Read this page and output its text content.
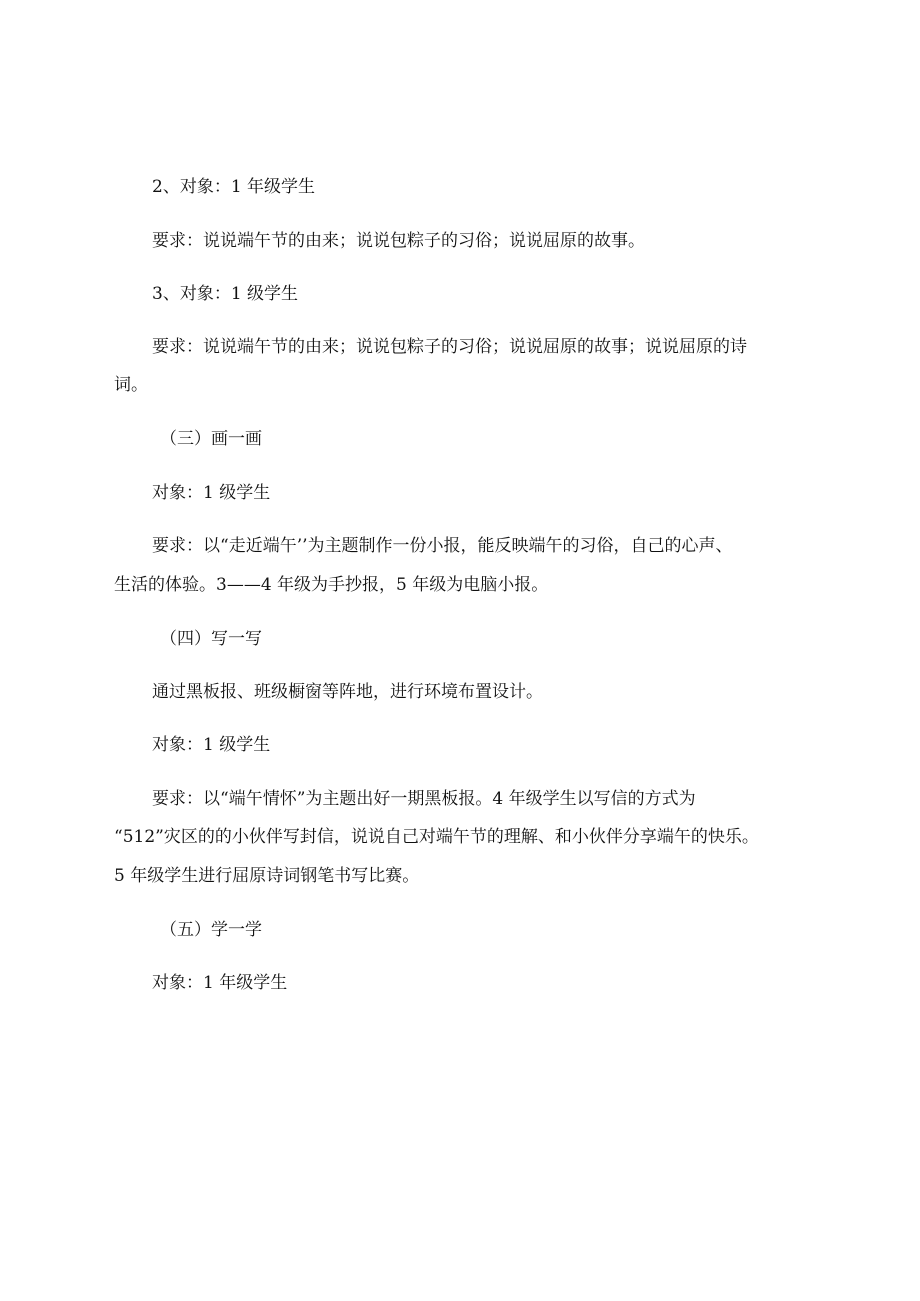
2、对象：1 年级学生
要求：说说端午节的由来；说说包粽子的习俗；说说屈原的故事。
3、对象：1 级学生
要求：说说端午节的由来；说说包粽子的习俗；说说屈原的故事；说说屈原的诗
词。
（三）画一画
对象：1 级学生
要求：以“走近端午’’为主题制作一份小报，能反映端午的习俗，自己的心声、
生活的体验。3——4 年级为手抄报，5 年级为电脑小报。
（四）写一写
通过黑板报、班级橱窗等阵地，进行环境布置设计。
对象：1 级学生
要求：以“端午情怀”为主题出好一期黑板报。4 年级学生以写信的方式为
“512”灾区的的小伙伴写封信，说说自己对端午节的理解、和小伙伴分享端午的快乐。
5 年级学生进行屈原诗词钢笔书写比赛。
（五）学一学
对象：1 年级学生
